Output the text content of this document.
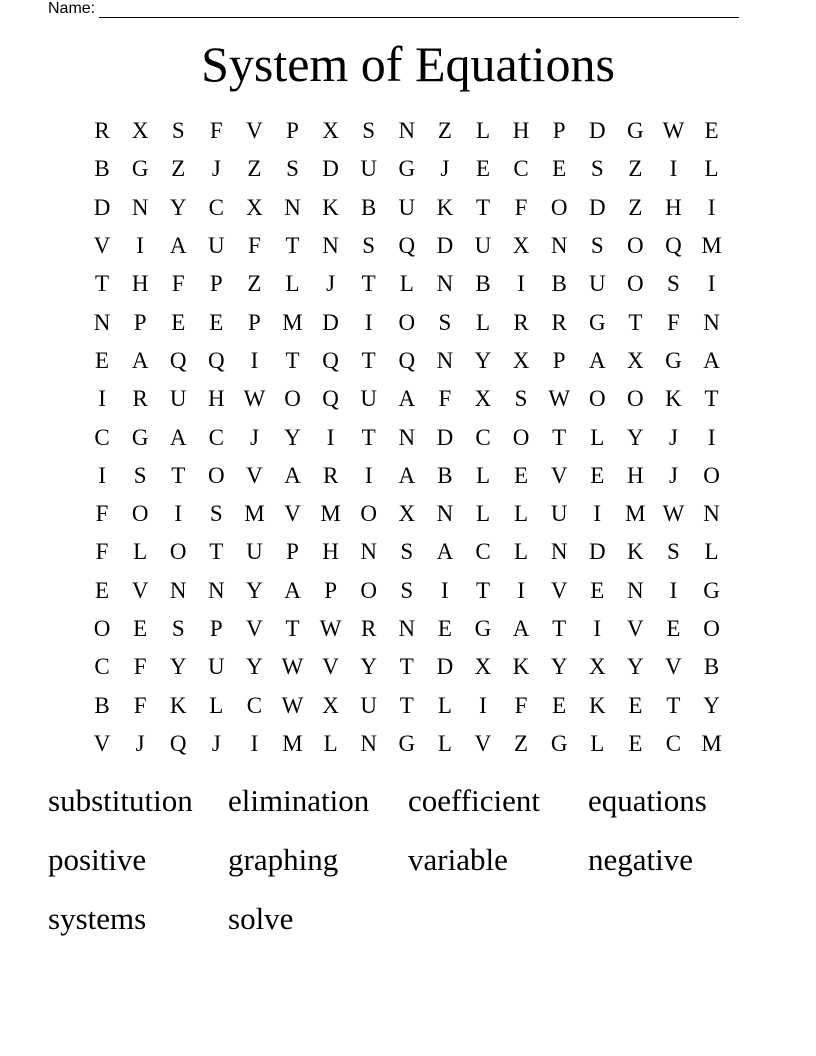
Name:
System of Equations
R X	S	F	V	P	X	S	N Z	L H	P	D G W E
B G Z	J	Z	S	D U G	J	E	C	E	S	Z	I	L
D N Y C X N K B U K T	F	O D Z H	I
V	I	A U	F	T N	S	Q D U X N	S	O Q M
T H	F	P	Z	L	J	T	L N B	I	B U O	S	I
N	P	E	E	P M D	I	O	S	L	R R G T	F	N
E A Q Q	I	T Q T Q N Y X	P	A X G A
I	R U H W O Q U A	F	X	S W O O K T
C G A C	J	Y	I	T N D C O T	L Y	J	I
I	S	T O V A R	I	A B	L	E V E H	J	O
F	O	I	S M V M O X N L	L U	I	M W N
F	L O T U	P	H N	S	A C	L N D K	S	L
E V N N Y A	P	O	S	I	T	I	V E N	I	G
O E	S	P	V T W R N E G A T	I	V E O
C	F	Y U Y W V Y T D X K Y X Y V B
B	F	K L	C W X U T	L	I	F	E K E	T Y
V	J	Q	J	I	M L N G L V Z G L	E	C M
substitution	elimination	coefficient	equations
positive	graphing	variable	negative
systems	solve
